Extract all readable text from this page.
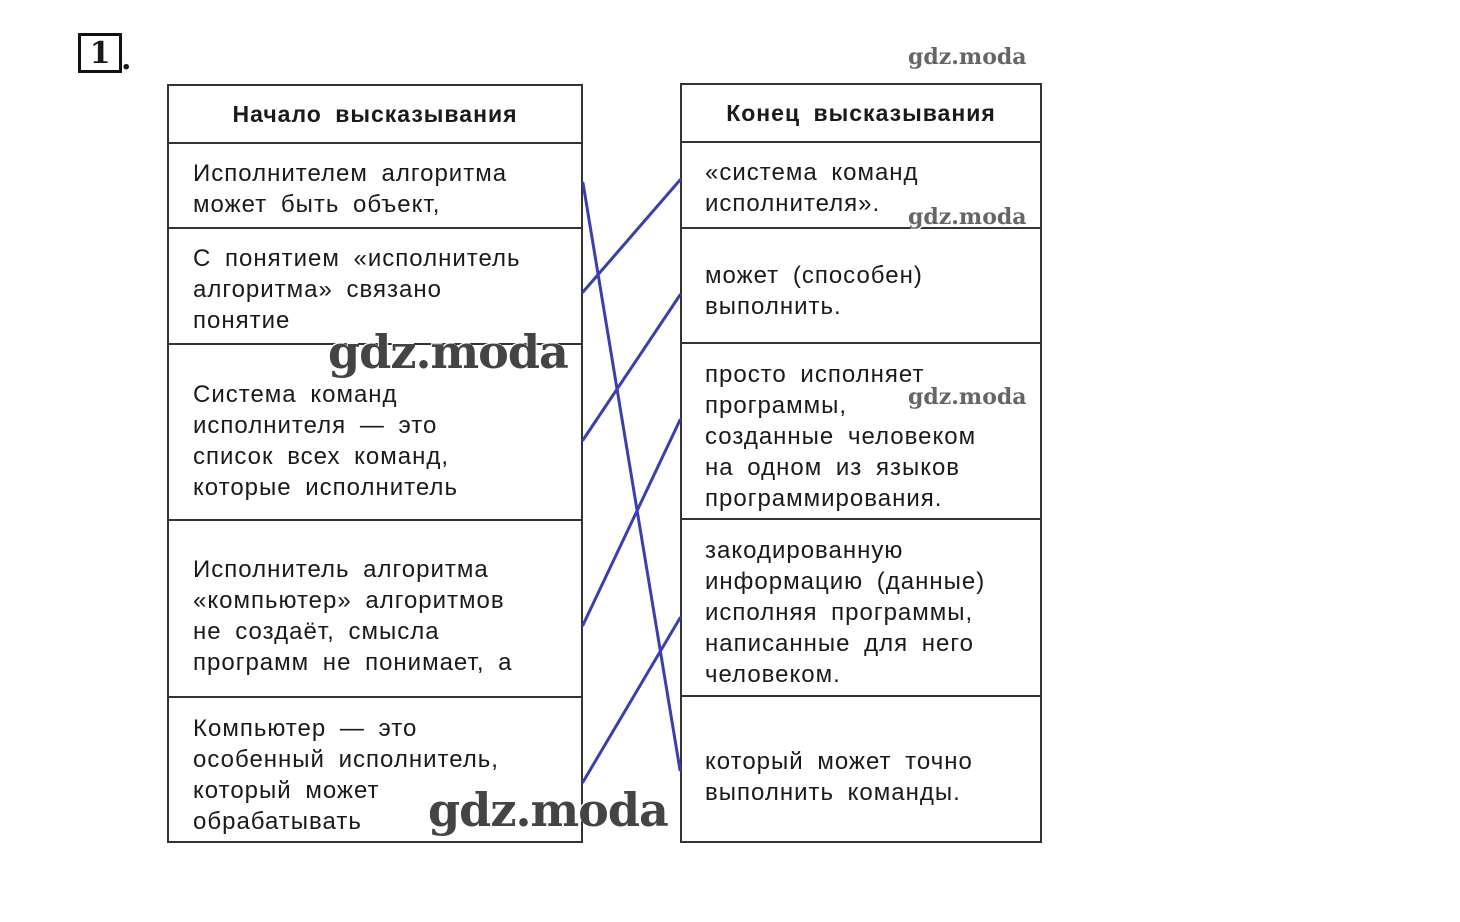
1 .
Начало высказывания
Исполнителем алгоритма
может быть объект,
С понятием «исполнитель
алгоритма» связано
понятие
Система команд
исполнителя — это
список всех команд,
которые исполнитель
Исполнитель алгоритма
«компьютер» алгоритмов
не создаёт, смысла
программ не понимает, а
Компьютер — это
особенный исполнитель,
который может
обрабатывать
Конец высказывания
«система команд
исполнителя».
может (способен)
выполнить.
просто исполняет
программы,
созданные человеком
на одном из языков
программирования.
закодированную
информацию (данные)
исполняя программы,
написанные для него
человеком.
который может точно
выполнить команды.
gdz.moda
gdz.moda
gdz.moda
gdz.moda
gdz.moda
